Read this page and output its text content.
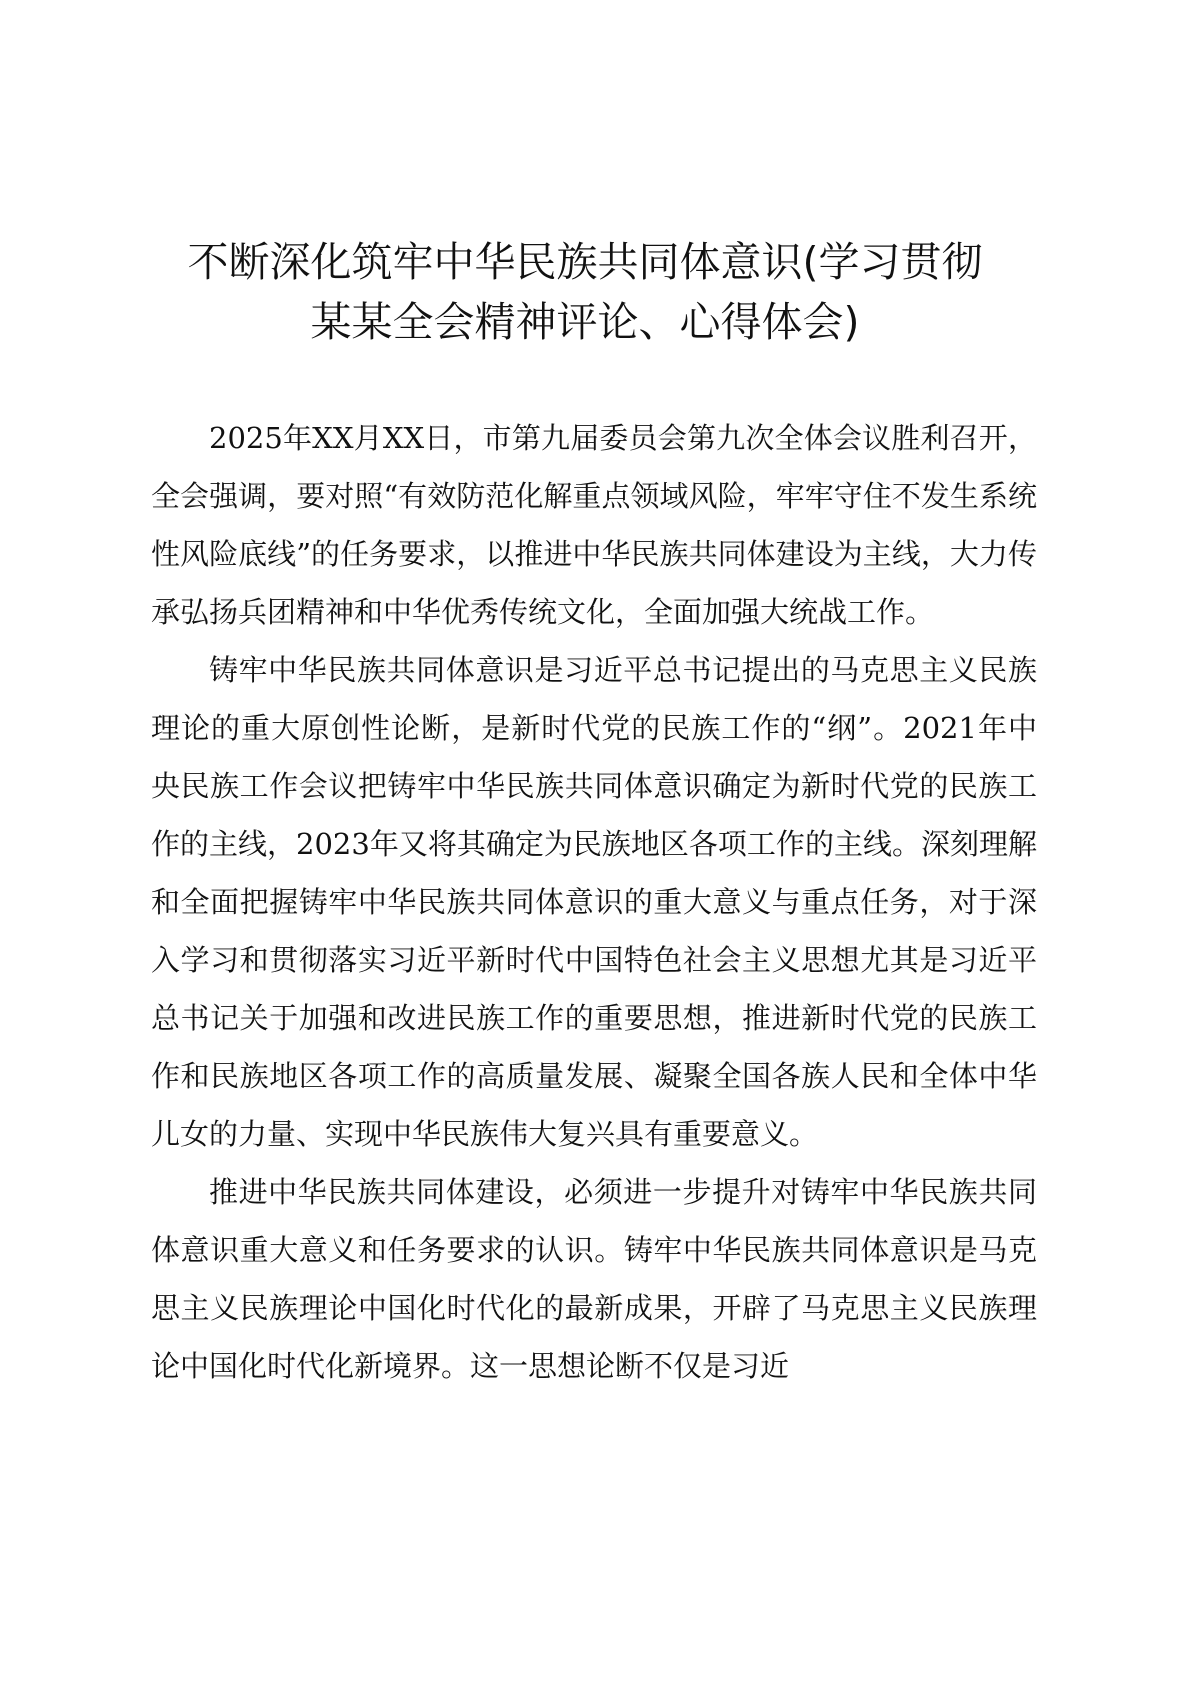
不断深化筑牢中华民族共同体意识(学习贯彻
某某全会精神评论、心得体会)

2025年XX月XX日，市第九届委员会第九次全体会议胜利召开，全会强调，要对照“有效防范化解重点领域风险，牢牢守住不发生系统性风险底线”的任务要求，以推进中华民族共同体建设为主线，大力传承弘扬兵团精神和中华优秀传统文化，全面加强大统战工作。

铸牢中华民族共同体意识是习近平总书记提出的马克思主义民族理论的重大原创性论断，是新时代党的民族工作的“纲”。2021年中央民族工作会议把铸牢中华民族共同体意识确定为新时代党的民族工作的主线，2023年又将其确定为民族地区各项工作的主线。深刻理解和全面把握铸牢中华民族共同体意识的重大意义与重点任务，对于深入学习和贯彻落实习近平新时代中国特色社会主义思想尤其是习近平总书记关于加强和改进民族工作的重要思想，推进新时代党的民族工作和民族地区各项工作的高质量发展、凝聚全国各族人民和全体中华儿女的力量、实现中华民族伟大复兴具有重要意义。

推进中华民族共同体建设，必须进一步提升对铸牢中华民族共同体意识重大意义和任务要求的认识。铸牢中华民族共同体意识是马克思主义民族理论中国化时代化的最新成果，开辟了马克思主义民族理论中国化时代化新境界。这一思想论断不仅是习近
